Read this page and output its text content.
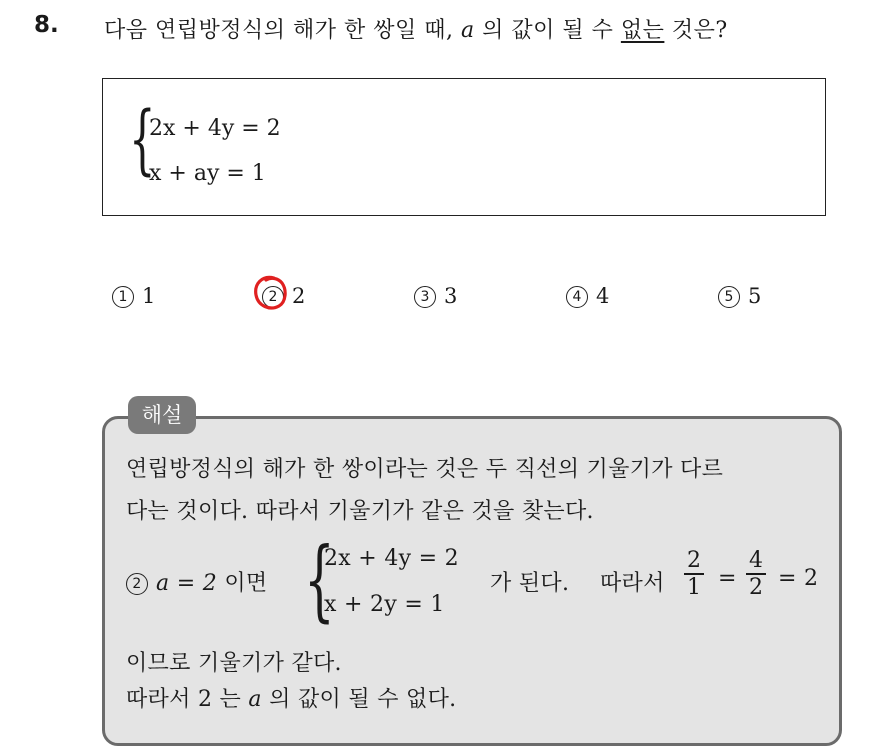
8. 다음 연립방정식의 해가 한 쌍일 때, a 의 값이 될 수 없는 것은?
{
2x + 4y = 2
x + ay = 1
1 1	2 2	3 3	4 4	5 5
해설
연립방정식의 해가 한 쌍이라는 것은 두 직선의 기울기가 다르
다는 것이다. 따라서 기울기가 같은 것을 찾는다.
2 a = 2 이면 {
2x + 4y = 2
x + 2y = 1
가 된다. 따라서
2
1 =
4
2 = 2
이므로 기울기가 같다.
따라서 2 는 a 의 값이 될 수 없다.
